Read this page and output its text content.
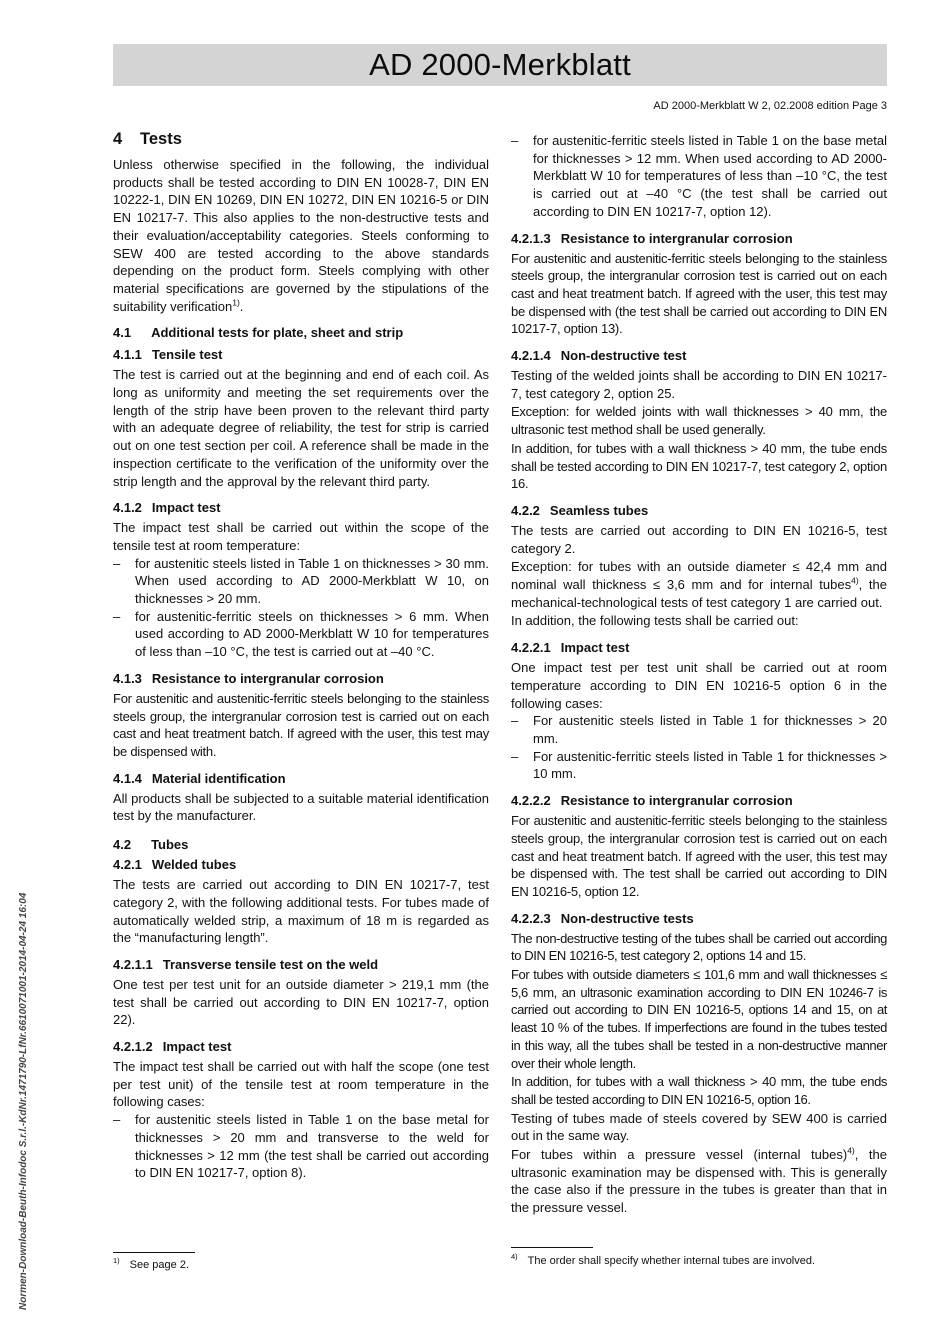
AD 2000-Merkblatt
AD 2000-Merkblatt W 2, 02.2008 edition Page 3
4 Tests

Unless otherwise specified in the following, the individual products shall be tested according to DIN EN 10028-7, DIN EN 10222-1, DIN EN 10269, DIN EN 10272, DIN EN 10216-5 or DIN EN 10217-7. This also applies to the non-destructive tests and their evaluation/acceptability categories. Steels conforming to SEW 400 are tested according to the above standards depending on the product form. Steels complying with other material specifications are governed by the stipulations of the suitability verification$^{1)}$.

4.1 Additional tests for plate, sheet and strip
4.1.1 Tensile test

The test is carried out at the beginning and end of each coil. As long as uniformity and meeting the set requirements over the length of the strip have been proven to the relevant third party with an adequate degree of reliability, the test for strip is carried out on one test section per coil. A reference shall be made in the inspection certificate to the verification of the uniformity over the strip length and the approval by the relevant third party.

4.1.2 Impact test

The impact test shall be carried out within the scope of the tensile test at room temperature:

– for austenitic steels listed in Table 1 on thicknesses > 30 mm. When used according to AD 2000-Merkblatt W 10, on thicknesses > 20 mm.
– for austenitic-ferritic steels on thicknesses > 6 mm. When used according to AD 2000-Merkblatt W 10 for temperatures of less than –10 °C, the test is carried out at –40 °C.
4.1.3 Resistance to intergranular corrosion

For austenitic and austenitic-ferritic steels belonging to the stainless steels group, the intergranular corrosion test is carried out on each cast and heat treatment batch. If agreed with the user, this test may be dispensed with.

4.1.4 Material identification

All products shall be subjected to a suitable material identification test by the manufacturer.

4.2 Tubes
4.2.1 Welded tubes

The tests are carried out according to DIN EN 10217-7, test category 2, with the following additional tests. For tubes made of automatically welded strip, a maximum of 18 m is regarded as the “manufacturing length”.

4.2.1.1 Transverse tensile test on the weld

One test per test unit for an outside diameter > 219,1 mm (the test shall be carried out according to DIN EN 10217-7, option 22).

4.2.1.2 Impact test

The impact test shall be carried out with half the scope (one test per test unit) of the tensile test at room temperature in the following cases:

– for austenitic steels listed in Table 1 on the base metal for thicknesses > 20 mm and transverse to the weld for thicknesses > 12 mm (the test shall be carried out according to DIN EN 10217-7, option 8).
– for austenitic-ferritic steels listed in Table 1 on the base metal for thicknesses > 12 mm. When used according to AD 2000-Merkblatt W 10 for temperatures of less than –10 °C, the test is carried out at –40 °C (the test shall be carried out according to DIN EN 10217-7, option 12).
4.2.1.3 Resistance to intergranular corrosion

For austenitic and austenitic-ferritic steels belonging to the stainless steels group, the intergranular corrosion test is carried out on each cast and heat treatment batch. If agreed with the user, this test may be dispensed with (the test shall be carried out according to DIN EN 10217-7, option 13).

4.2.1.4 Non-destructive test

Testing of the welded joints shall be according to DIN EN 10217-7, test category 2, option 25.

Exception: for welded joints with wall thicknesses > 40 mm, the ultrasonic test method shall be used generally.

In addition, for tubes with a wall thickness > 40 mm, the tube ends shall be tested according to DIN EN 10217-7, test category 2, option 16.

4.2.2 Seamless tubes

The tests are carried out according to DIN EN 10216-5, test category 2.

Exception: for tubes with an outside diameter ≤ 42,4 mm and nominal wall thickness ≤ 3,6 mm and for internal tubes$^{4)}$, the mechanical-technological tests of test category 1 are carried out.

In addition, the following tests shall be carried out:

4.2.2.1 Impact test

One impact test per test unit shall be carried out at room temperature according to DIN EN 10216-5 option 6 in the following cases:

– For austenitic steels listed in Table 1 for thicknesses > 20 mm.
– For austenitic-ferritic steels listed in Table 1 for thicknesses > 10 mm.
4.2.2.2 Resistance to intergranular corrosion

For austenitic and austenitic-ferritic steels belonging to the stainless steels group, the intergranular corrosion test is carried out on each cast and heat treatment batch. If agreed with the user, this test may be dispensed with. The test shall be carried out according to DIN EN 10216-5, option 12.

4.2.2.3 Non-destructive tests

The non-destructive testing of the tubes shall be carried out according to DIN EN 10216-5, test category 2, options 14 and 15.

For tubes with outside diameters ≤ 101,6 mm and wall thicknesses ≤ 5,6 mm, an ultrasonic examination according to DIN EN 10246-7 is carried out according to DIN EN 10216-5, options 14 and 15, on at least 10 % of the tubes. If imperfections are found in the tubes tested in this way, all the tubes shall be tested in a non-destructive manner over their whole length.

In addition, for tubes with a wall thickness > 40 mm, the tube ends shall be tested according to DIN EN 10216-5, option 16.

Testing of tubes made of steels covered by SEW 400 is carried out in the same way.

For tubes within a pressure vessel (internal tubes)$^{4)}$, the ultrasonic examination may be dispensed with. This is generally the case also if the pressure in the tubes is greater than that in the pressure vessel.

$^{1)}$ See page 2.
$^{4)}$ The order shall specify whether internal tubes are involved.
Normen-Download-Beuth-Infodoc S.r.l.-KdNr.1471790-LfNr.6610071001-2014-04-24 16:04
